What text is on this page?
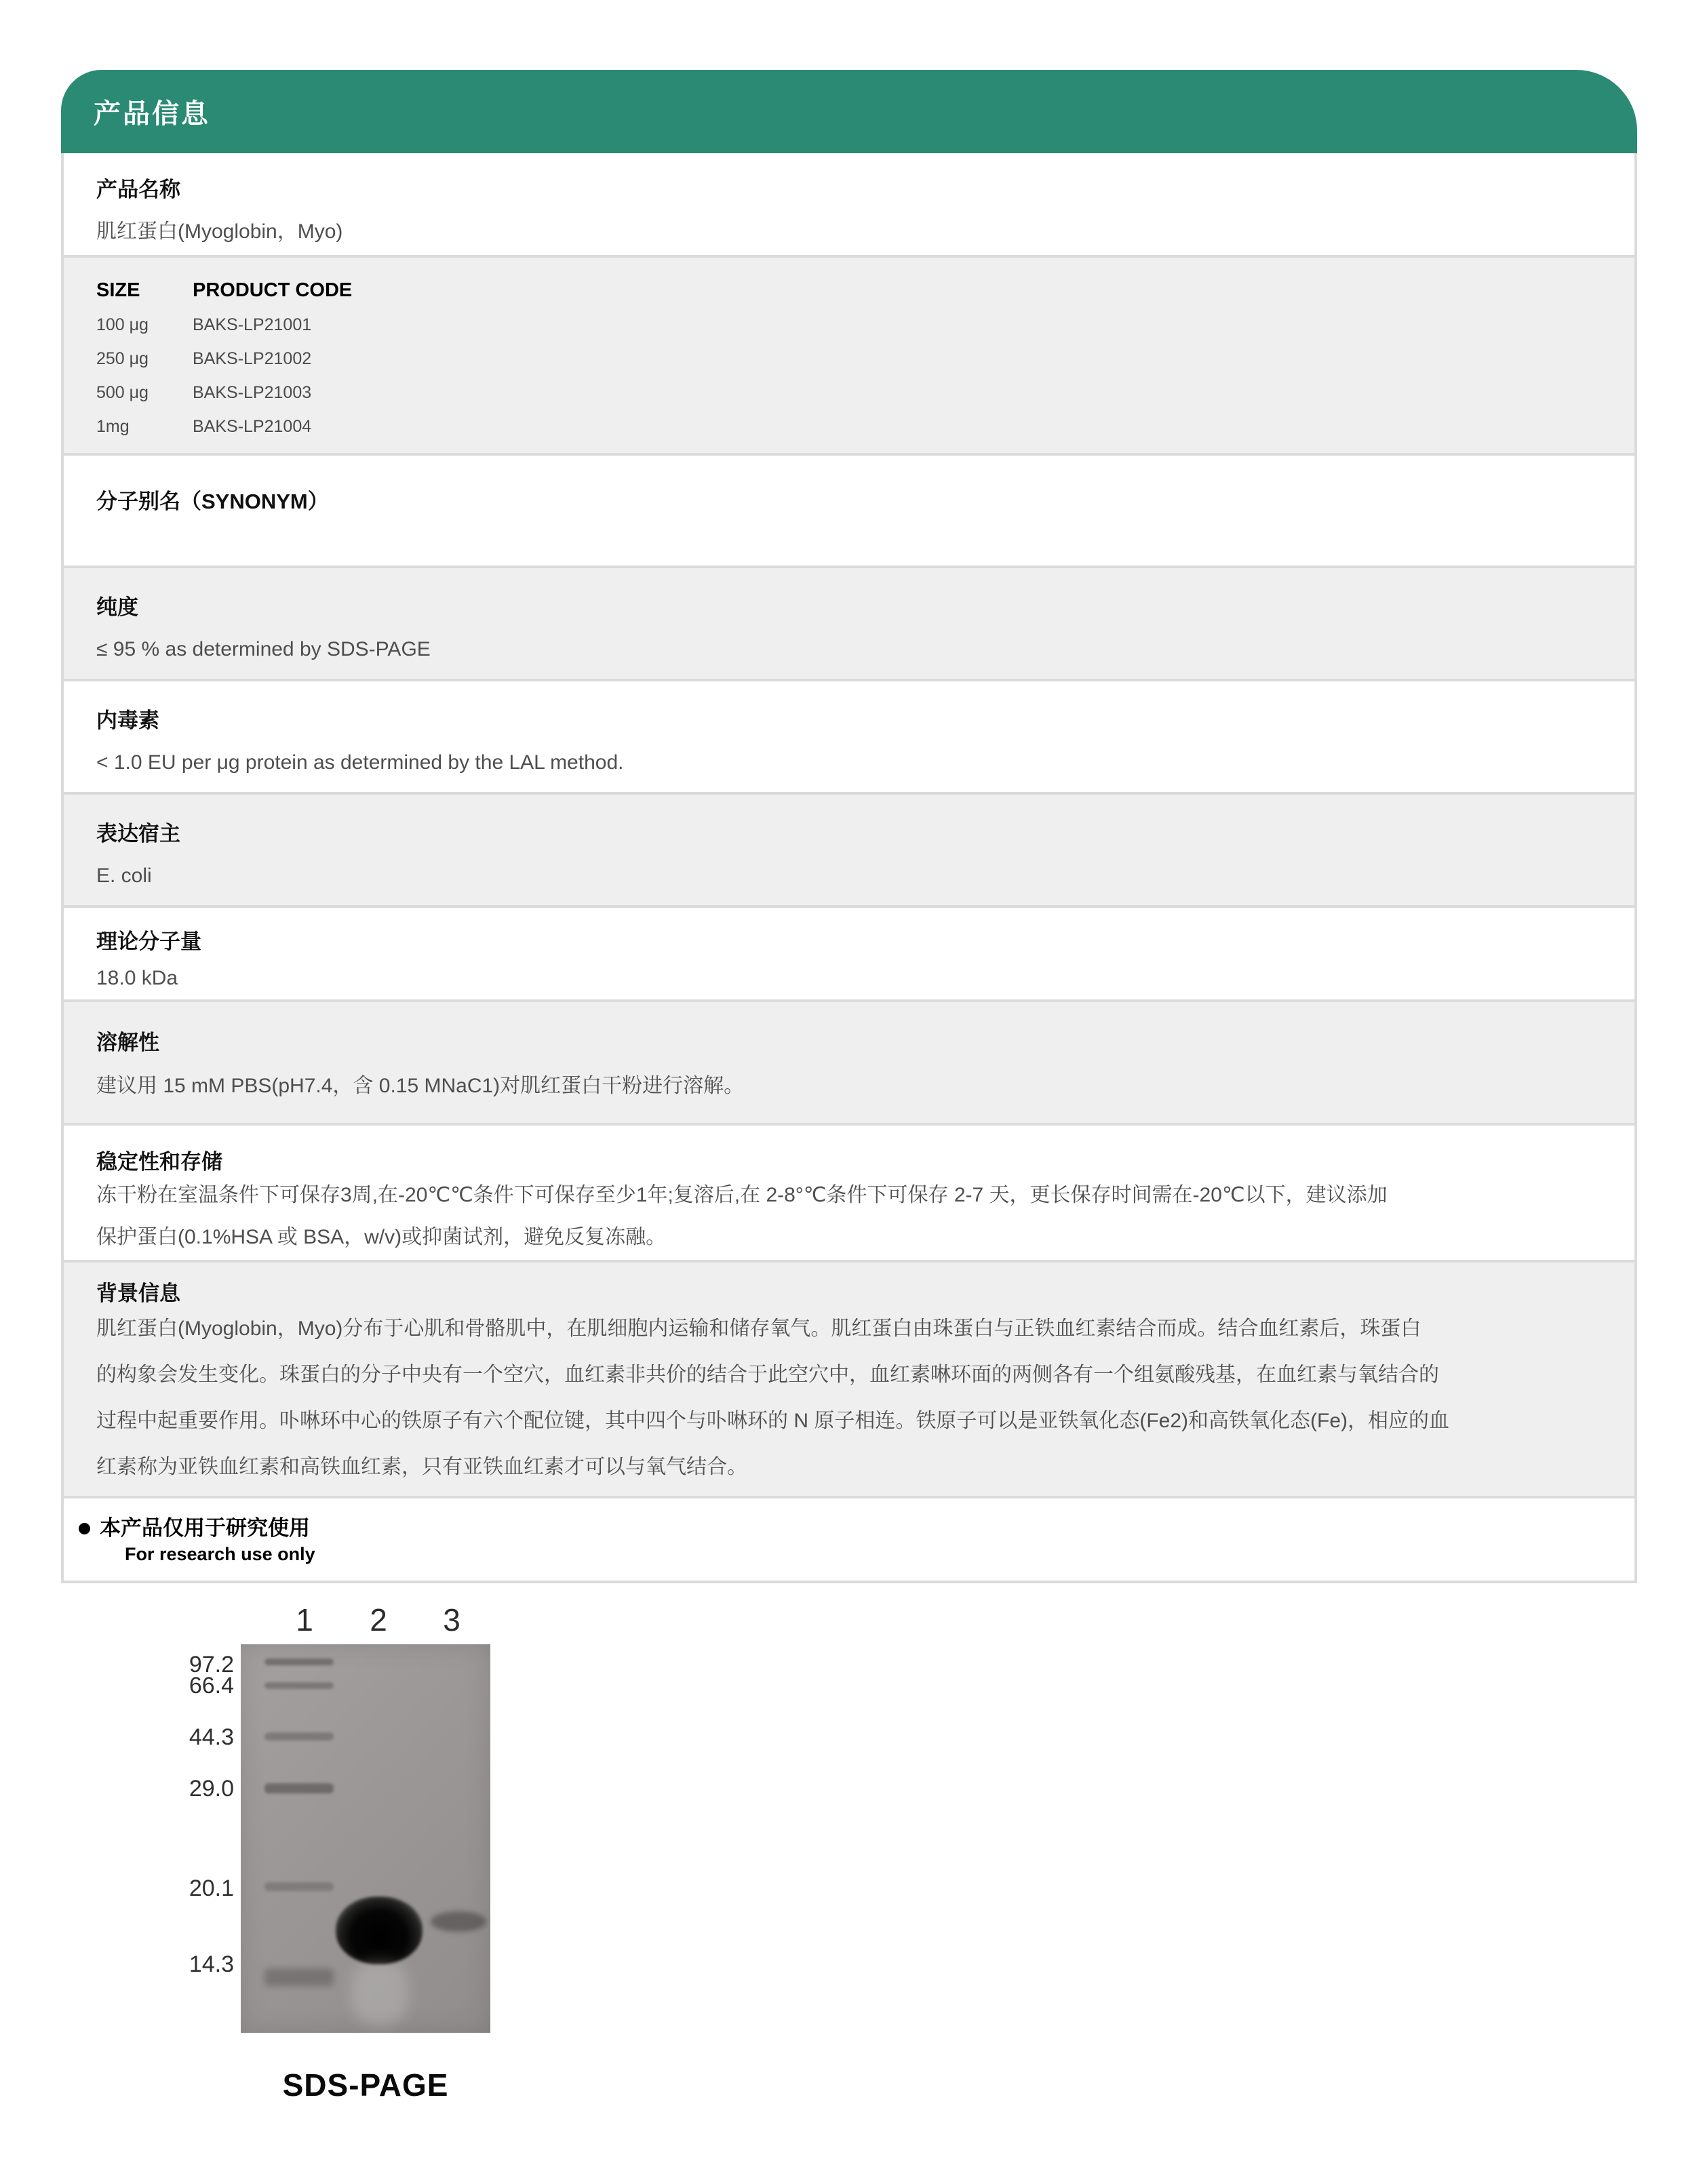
产品信息
产品名称
肌红蛋白(Myoglobin，Myo)
SIZE	PRODUCT CODE
100 μg	BAKS-LP21001
250 μg	BAKS-LP21002
500 μg	BAKS-LP21003
1mg	BAKS-LP21004
分子别名（SYNONYM）
纯度
≤ 95 % as determined by SDS-PAGE
内毒素
< 1.0 EU per μg protein as determined by the LAL method.
表达宿主
E. coli
理论分子量
18.0 kDa
溶解性
建议用 15 mM PBS(pH7.4，含 0.15 MNaC1)对肌红蛋白干粉进行溶解。
稳定性和存储
冻干粉在室温条件下可保存3周,在-20℃℃条件下可保存至少1年;复溶后,在 2-8°℃条件下可保存 2-7 天，更长保存时间需在-20℃以下，建议添加
保护蛋白(0.1%HSA 或 BSA，w/v)或抑菌试剂，避免反复冻融。
背景信息
肌红蛋白(Myoglobin，Myo)分布于心肌和骨骼肌中，在肌细胞内运输和储存氧气。肌红蛋白由珠蛋白与正铁血红素结合而成。结合血红素后，珠蛋白
的构象会发生变化。珠蛋白的分子中央有一个空穴，血红素非共价的结合于此空穴中，血红素啉环面的两侧各有一个组氨酸残基，在血红素与氧结合的
过程中起重要作用。卟啉环中心的铁原子有六个配位键，其中四个与卟啉环的 N 原子相连。铁原子可以是亚铁氧化态(Fe2)和高铁氧化态(Fe)，相应的血
红素称为亚铁血红素和高铁血红素，只有亚铁血红素才可以与氧气结合。
本产品仅用于研究使用
For research use only
1	2	3
97.2
66.4
44.3
29.0
20.1
14.3
SDS-PAGE
